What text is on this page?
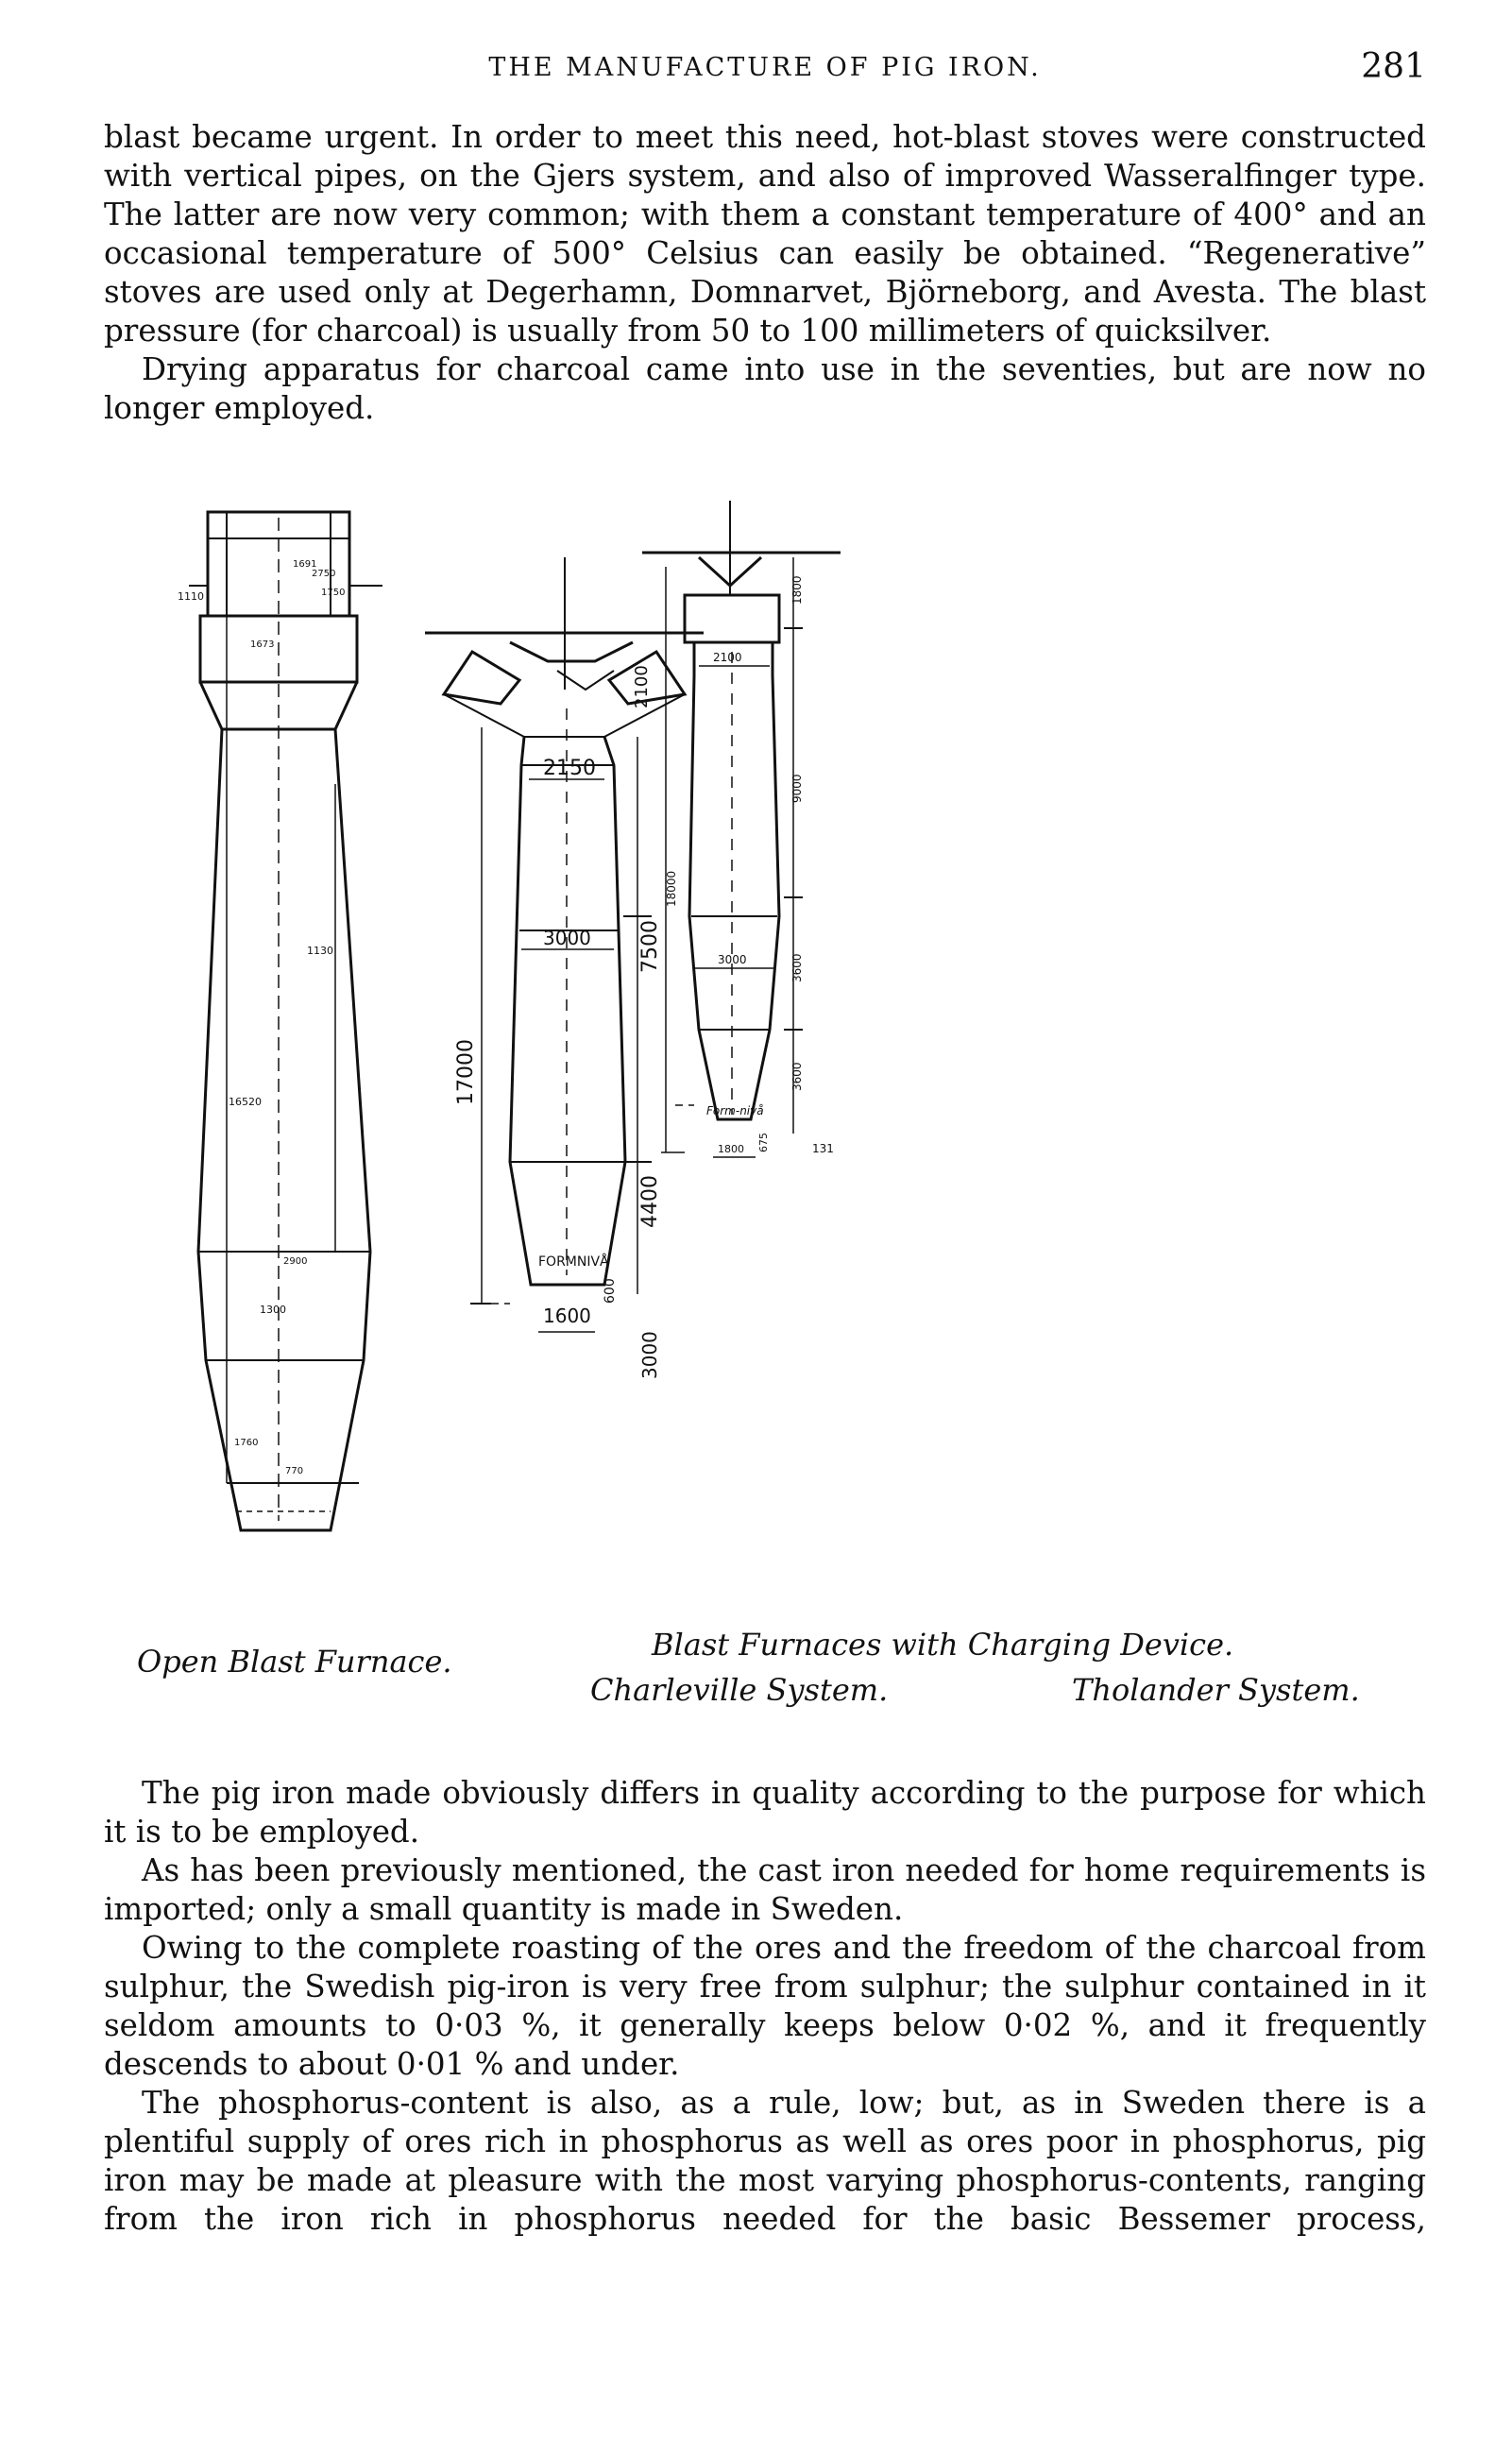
THE MANUFACTURE OF PIG IRON.	281

blast became urgent. In order to meet this need, hot-blast stoves were constructed with vertical pipes, on the Gjers system, and also of improved Wasseralfinger type. The latter are now very common; with them a constant temperature of 400° and an occasional temperature of 500° Celsius can easily be obtained. “Regenerative” stoves are used only at Degerhamn, Domnarvet, Björneborg, and Avesta. The blast pressure (for charcoal) is usually from 50 to 100 millimeters of quicksilver.

Drying apparatus for charcoal came into use in the seventies, but are now no longer employed.

1110
1691
1673
2750
1750
1130
16520
2900
1300
1760
770
2150
2100
7500
17000
3000
4400
3000
FORMNIVÅ
600
1600
2100
1800
9000
18000
3000	3600
3600
Form-nivå
675
1800	131
Open Blast Furnace.	Blast Furnaces with Charging Device.
Charleville System.	Tholander System.

The pig iron made obviously differs in quality according to the purpose for which it is to be employed.

As has been previously mentioned, the cast iron needed for home requirements is imported; only a small quantity is made in Sweden.

Owing to the complete roasting of the ores and the freedom of the charcoal from sulphur, the Swedish pig-iron is very free from sulphur; the sulphur contained in it seldom amounts to 0·03 %, it generally keeps below 0·02 %, and it frequently descends to about 0·01 % and under.

The phosphorus-content is also, as a rule, low; but, as in Sweden there is a plentiful supply of ores rich in phosphorus as well as ores poor in phosphorus, pig iron may be made at pleasure with the most varying phosphorus-contents, ranging from the iron rich in phosphorus needed for the basic Bessemer process,
